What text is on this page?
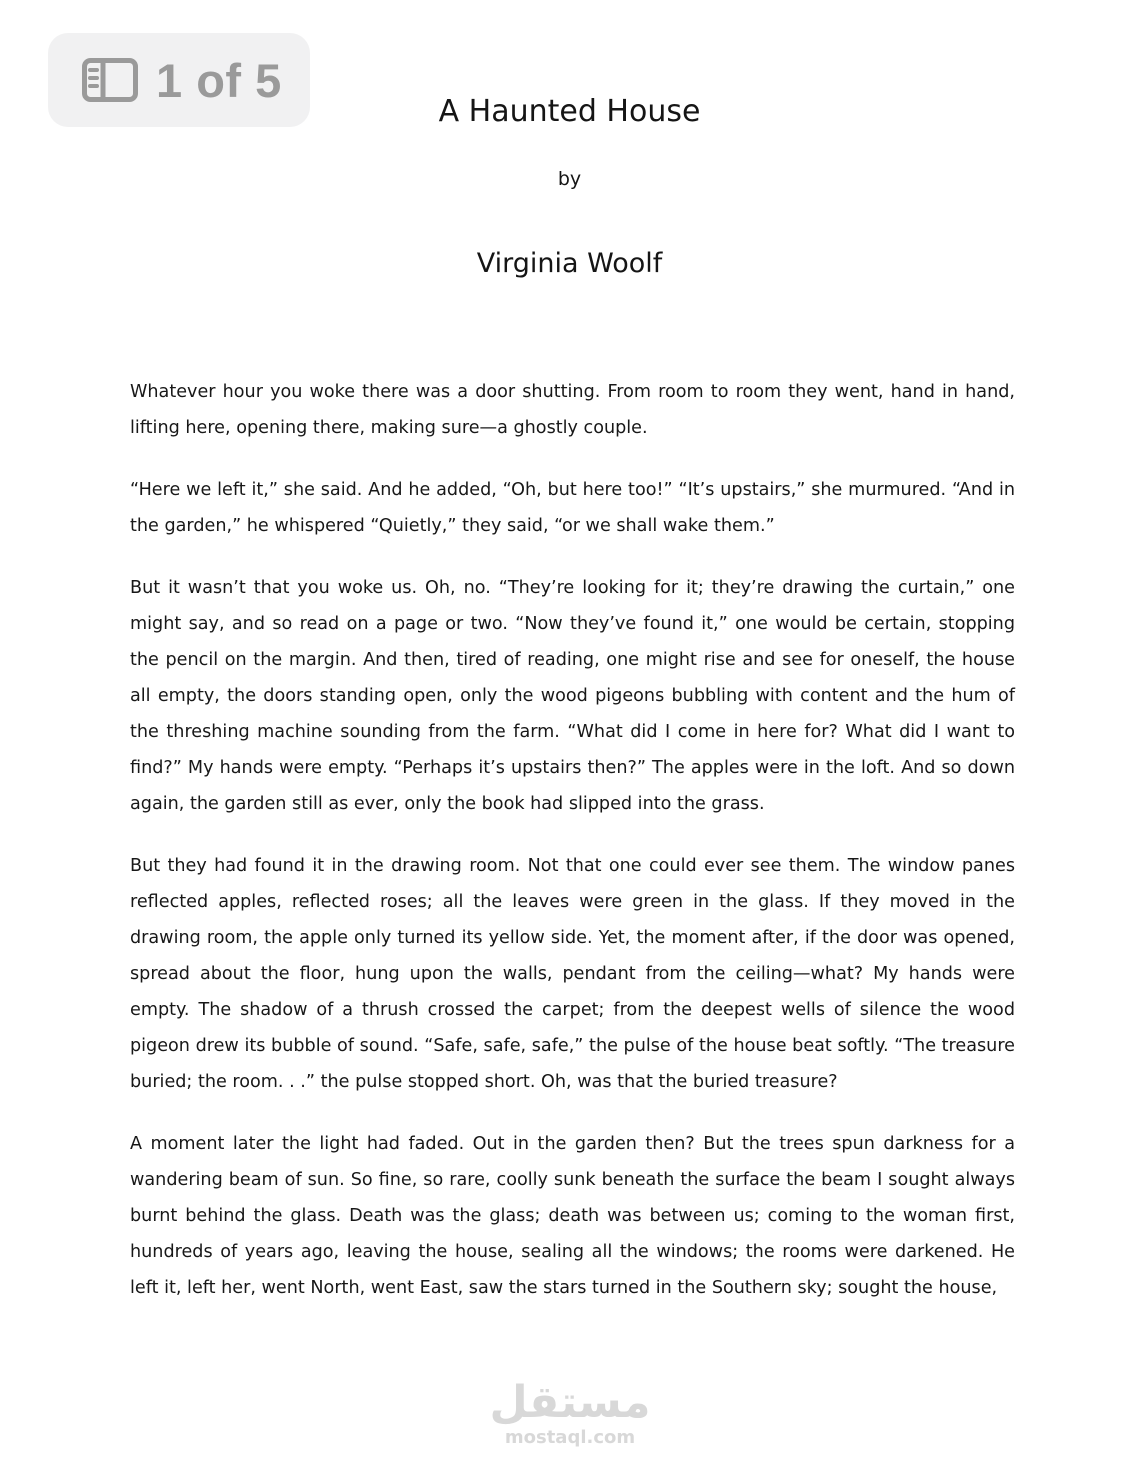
1 of 5
A Haunted House
by
Virginia Woolf

Whatever hour you woke there was a door shutting. From room to room they went, hand in hand, lifting here, opening there, making sure—a ghostly couple.

“Here we left it,” she said. And he added, “Oh, but here too!” “It’s upstairs,” she murmured. “And in the garden,” he whispered “Quietly,” they said, “or we shall wake them.”

But it wasn’t that you woke us. Oh, no. “They’re looking for it; they’re drawing the curtain,” one might say, and so read on a page or two. “Now they’ve found it,” one would be certain, stopping the pencil on the margin. And then, tired of reading, one might rise and see for oneself, the house all empty, the doors standing open, only the wood pigeons bubbling with content and the hum of the threshing machine sounding from the farm. “What did I come in here for? What did I want to find?” My hands were empty. “Perhaps it’s upstairs then?” The apples were in the loft. And so down again, the garden still as ever, only the book had slipped into the grass.

But they had found it in the drawing room. Not that one could ever see them. The window panes reflected apples, reflected roses; all the leaves were green in the glass. If they moved in the drawing room, the apple only turned its yellow side. Yet, the moment after, if the door was opened, spread about the floor, hung upon the walls, pendant from the ceiling—what? My hands were empty. The shadow of a thrush crossed the carpet; from the deepest wells of silence the wood pigeon drew its bubble of sound. “Safe, safe, safe,” the pulse of the house beat softly. “The treasure buried; the room. . .” the pulse stopped short. Oh, was that the buried treasure?

A moment later the light had faded. Out in the garden then? But the trees spun darkness for a wandering beam of sun. So fine, so rare, coolly sunk beneath the surface the beam I sought always burnt behind the glass. Death was the glass; death was between us; coming to the woman first, hundreds of years ago, leaving the house, sealing all the windows; the rooms were darkened. He left it, left her, went North, went East, saw the stars turned in the Southern sky; sought the house,

مستقل
mostaql.com
